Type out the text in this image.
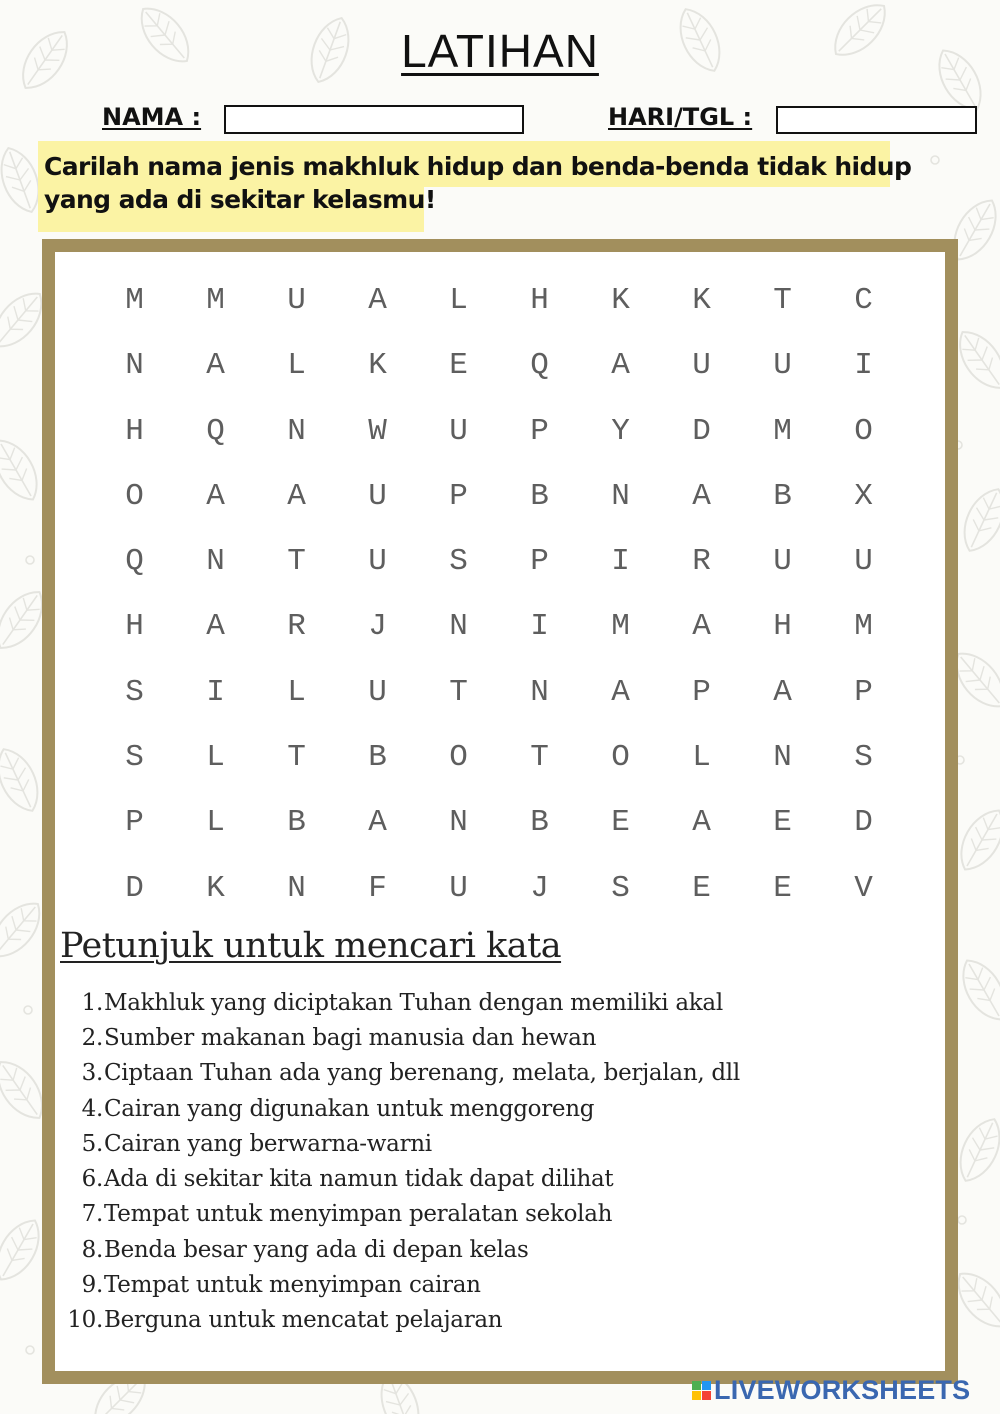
LATIHAN
NAMA :	HARI/TGL :
Carilah nama jenis makhluk hidup dan benda-benda tidak hidup
yang ada di sekitar kelasmu!
M	M	U	A	L	H	K	K	T	C
N	A	L	K	E	Q	A	U	U	I
H	Q	N	W	U	P	Y	D	M	O
O	A	A	U	P	B	N	A	B	X
Q	N	T	U	S	P	I	R	U	U
H	A	R	J	N	I	M	A	H	M
S	I	L	U	T	N	A	P	A	P
S	L	T	B	O	T	O	L	N	S
P	L	B	A	N	B	E	A	E	D
D	K	N	F	U	J	S	E	E	V
Petunjuk untuk mencari kata
1. Makhluk yang diciptakan Tuhan dengan memiliki akal
2. Sumber makanan bagi manusia dan hewan
3. Ciptaan Tuhan ada yang berenang, melata, berjalan, dll
4. Cairan yang digunakan untuk menggoreng
5. Cairan yang berwarna-warni
6. Ada di sekitar kita namun tidak dapat dilihat
7. Tempat untuk menyimpan peralatan sekolah
8. Benda besar yang ada di depan kelas
9. Tempat untuk menyimpan cairan
10. Berguna untuk mencatat pelajaran
LIVEWORKSHEETS
